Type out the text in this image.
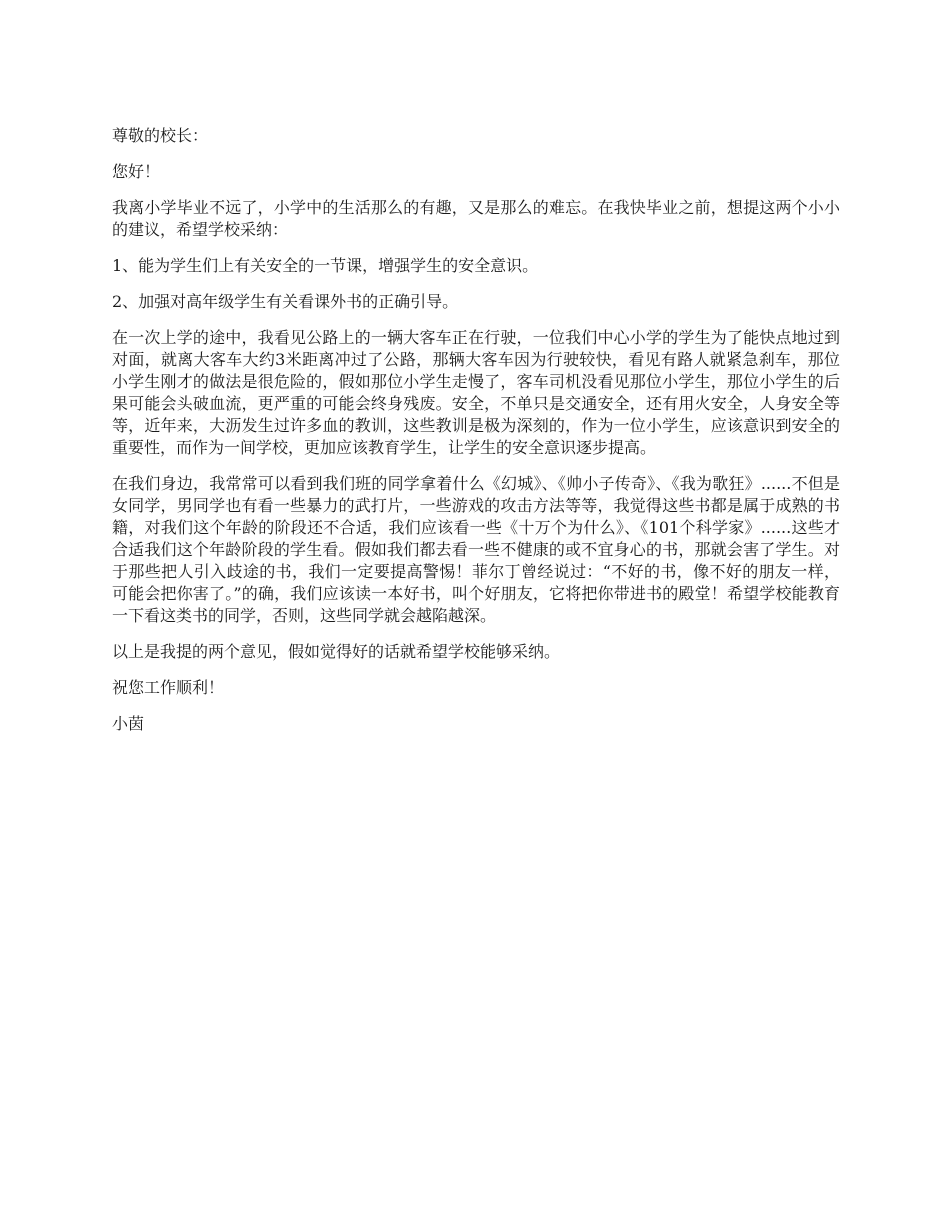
尊敬的校长：

您好！

我离小学毕业不远了，小学中的生活那么的有趣，又是那么的难忘。在我快毕业之前，想提这两个小小的建议，希望学校采纳：

1、能为学生们上有关安全的一节课，增强学生的安全意识。

2、加强对高年级学生有关看课外书的正确引导。

在一次上学的途中，我看见公路上的一辆大客车正在行驶，一位我们中心小学的学生为了能快点地过到对面，就离大客车大约3米距离冲过了公路，那辆大客车因为行驶较快，看见有路人就紧急刹车，那位小学生刚才的做法是很危险的，假如那位小学生走慢了，客车司机没看见那位小学生，那位小学生的后果可能会头破血流，更严重的可能会终身残废。安全，不单只是交通安全，还有用火安全，人身安全等等，近年来，大沥发生过许多血的教训，这些教训是极为深刻的，作为一位小学生，应该意识到安全的重要性，而作为一间学校，更加应该教育学生，让学生的安全意识逐步提高。

在我们身边，我常常可以看到我们班的同学拿着什么《幻城》、《帅小子传奇》、《我为歌狂》......不但是女同学，男同学也有看一些暴力的武打片，一些游戏的攻击方法等等，我觉得这些书都是属于成熟的书籍，对我们这个年龄的阶段还不合适，我们应该看一些《十万个为什么》、《101个科学家》......这些才合适我们这个年龄阶段的学生看。假如我们都去看一些不健康的或不宜身心的书，那就会害了学生。对于那些把人引入歧途的书，我们一定要提高警惕！菲尔丁曾经说过：“不好的书，像不好的朋友一样，可能会把你害了。”的确，我们应该读一本好书，叫个好朋友，它将把你带进书的殿堂！希望学校能教育一下看这类书的同学，否则，这些同学就会越陷越深。

以上是我提的两个意见，假如觉得好的话就希望学校能够采纳。

祝您工作顺利！

小茵
